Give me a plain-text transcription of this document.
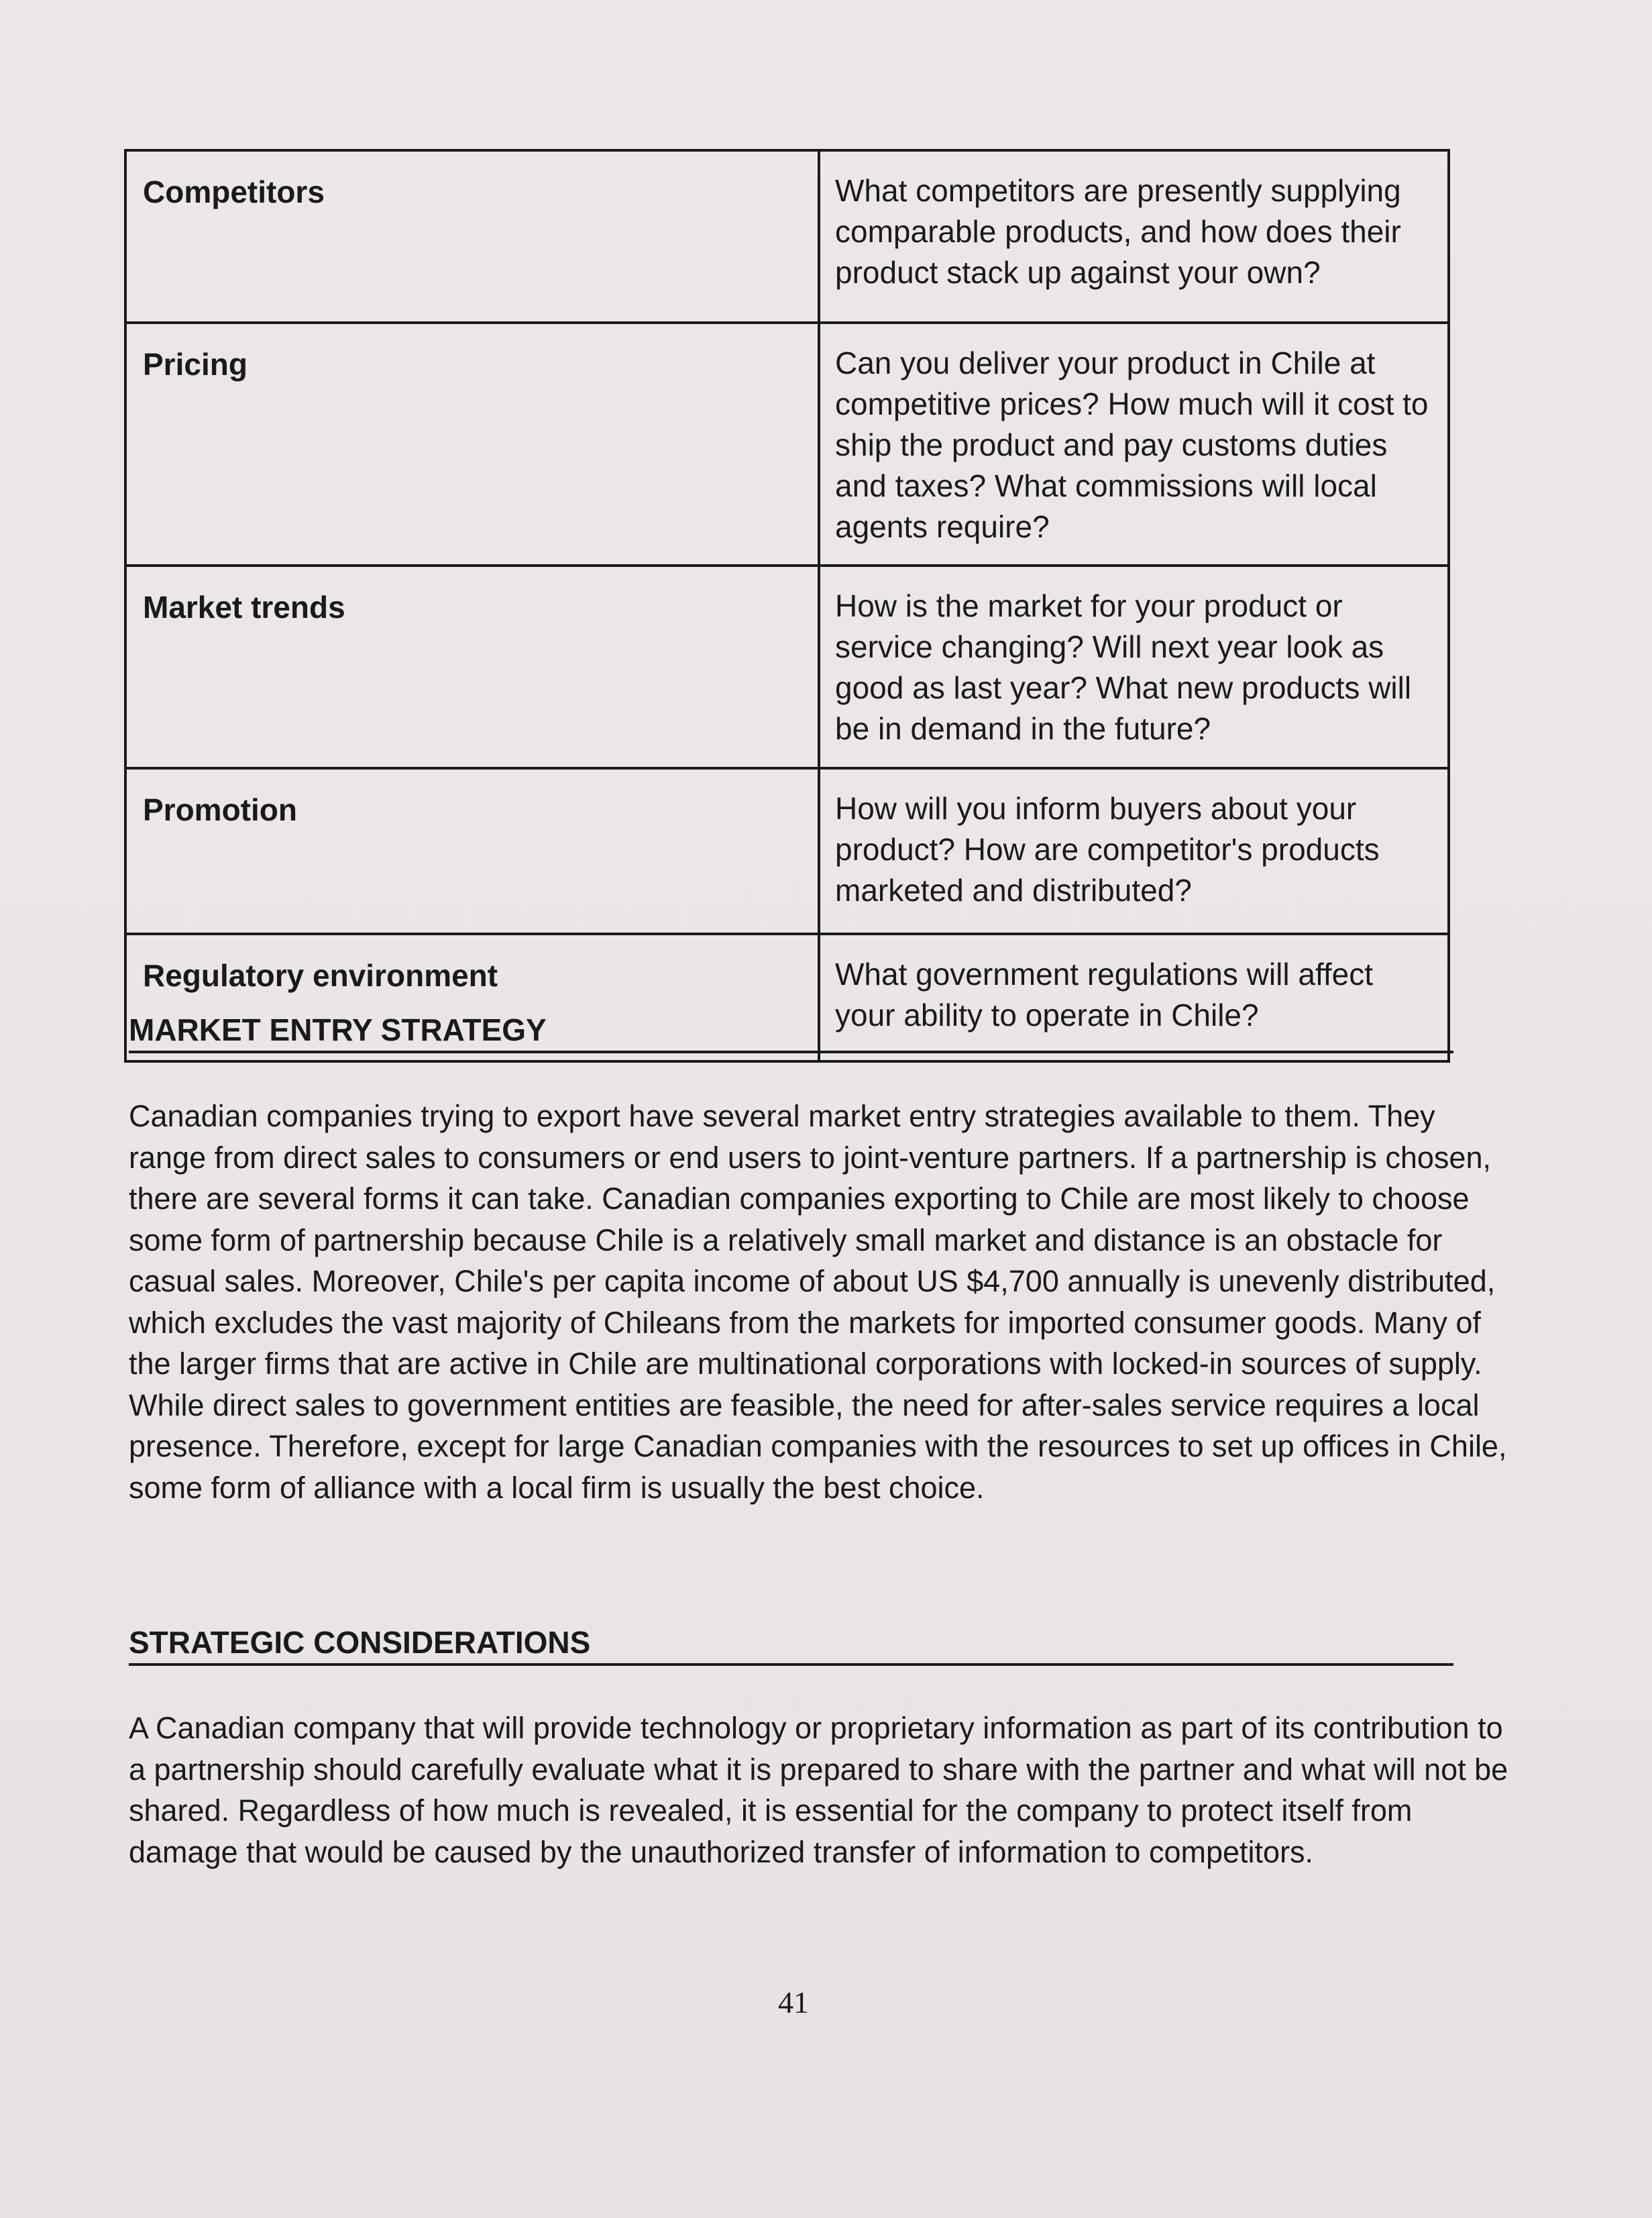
Competitors	What competitors are presently supplying comparable products, and how does their product stack up against your own?
Pricing	Can you deliver your product in Chile at competitive prices? How much will it cost to ship the product and pay customs duties and taxes? What commissions will local agents require?
Market trends	How is the market for your product or service changing? Will next year look as good as last year? What new products will be in demand in the future?
Promotion	How will you inform buyers about your product? How are competitor's products marketed and distributed?
Regulatory environment	What government regulations will affect your ability to operate in Chile?
MARKET ENTRY STRATEGY

Canadian companies trying to export have several market entry strategies available to them. They range from direct sales to consumers or end users to joint-venture partners. If a partnership is chosen, there are several forms it can take. Canadian companies exporting to Chile are most likely to choose some form of partnership because Chile is a relatively small market and distance is an obstacle for casual sales. Moreover, Chile's per capita income of about US $4,700 annually is unevenly distributed, which excludes the vast majority of Chileans from the markets for imported consumer goods. Many of the larger firms that are active in Chile are multinational corporations with locked-in sources of supply. While direct sales to government entities are feasible, the need for after-sales service requires a local presence. Therefore, except for large Canadian companies with the resources to set up offices in Chile, some form of alliance with a local firm is usually the best choice.

STRATEGIC CONSIDERATIONS

A Canadian company that will provide technology or proprietary information as part of its contribution to a partnership should carefully evaluate what it is prepared to share with the partner and what will not be shared. Regardless of how much is revealed, it is essential for the company to protect itself from damage that would be caused by the unauthorized transfer of information to competitors.

41
